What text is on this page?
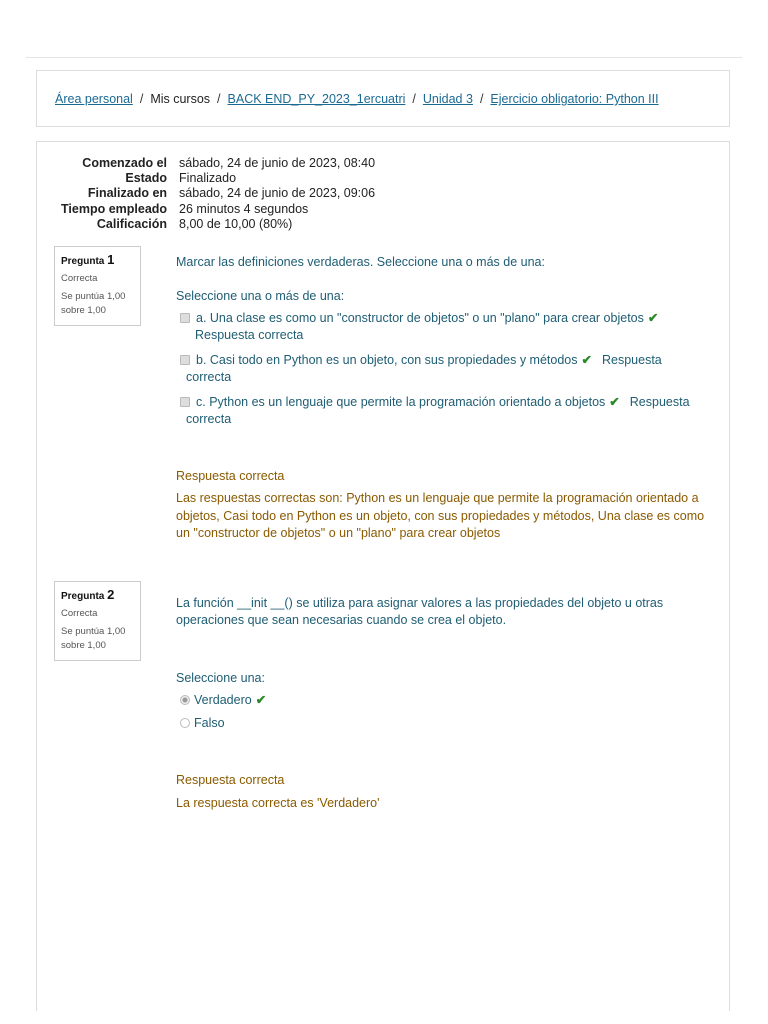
Área personal / Mis cursos / BACK END_PY_2023_1ercuatri / Unidad 3 / Ejercicio obligatorio: Python III
Comenzado el	sábado, 24 de junio de 2023, 08:40
Estado	Finalizado
Finalizado en	sábado, 24 de junio de 2023, 09:06
Tiempo empleado	26 minutos 4 segundos
Calificación	8,00 de 10,00 (80%)
Pregunta 1
Correcta
Se puntúa 1,00 sobre 1,00
Marcar las definiciones verdaderas. Seleccione una o más de una:
Seleccione una o más de una:
a. Una clase es como un "constructor de objetos" o un "plano" para crear objetos ✔
Respuesta correcta
b. Casi todo en Python es un objeto, con sus propiedades y métodos ✔ Respuesta
correcta
c. Python es un lenguaje que permite la programación orientado a objetos ✔ Respuesta
correcta
Respuesta correcta
Las respuestas correctas son: Python es un lenguaje que permite la programación orientado a objetos, Casi todo en Python es un objeto, con sus propiedades y métodos, Una clase es como un "constructor de objetos" o un "plano" para crear objetos
Pregunta 2
Correcta
Se puntúa 1,00 sobre 1,00
La función __init __() se utiliza para asignar valores a las propiedades del objeto u otras operaciones que sean necesarias cuando se crea el objeto.
Seleccione una:
Verdadero ✔
Falso
Respuesta correcta
La respuesta correcta es 'Verdadero'
